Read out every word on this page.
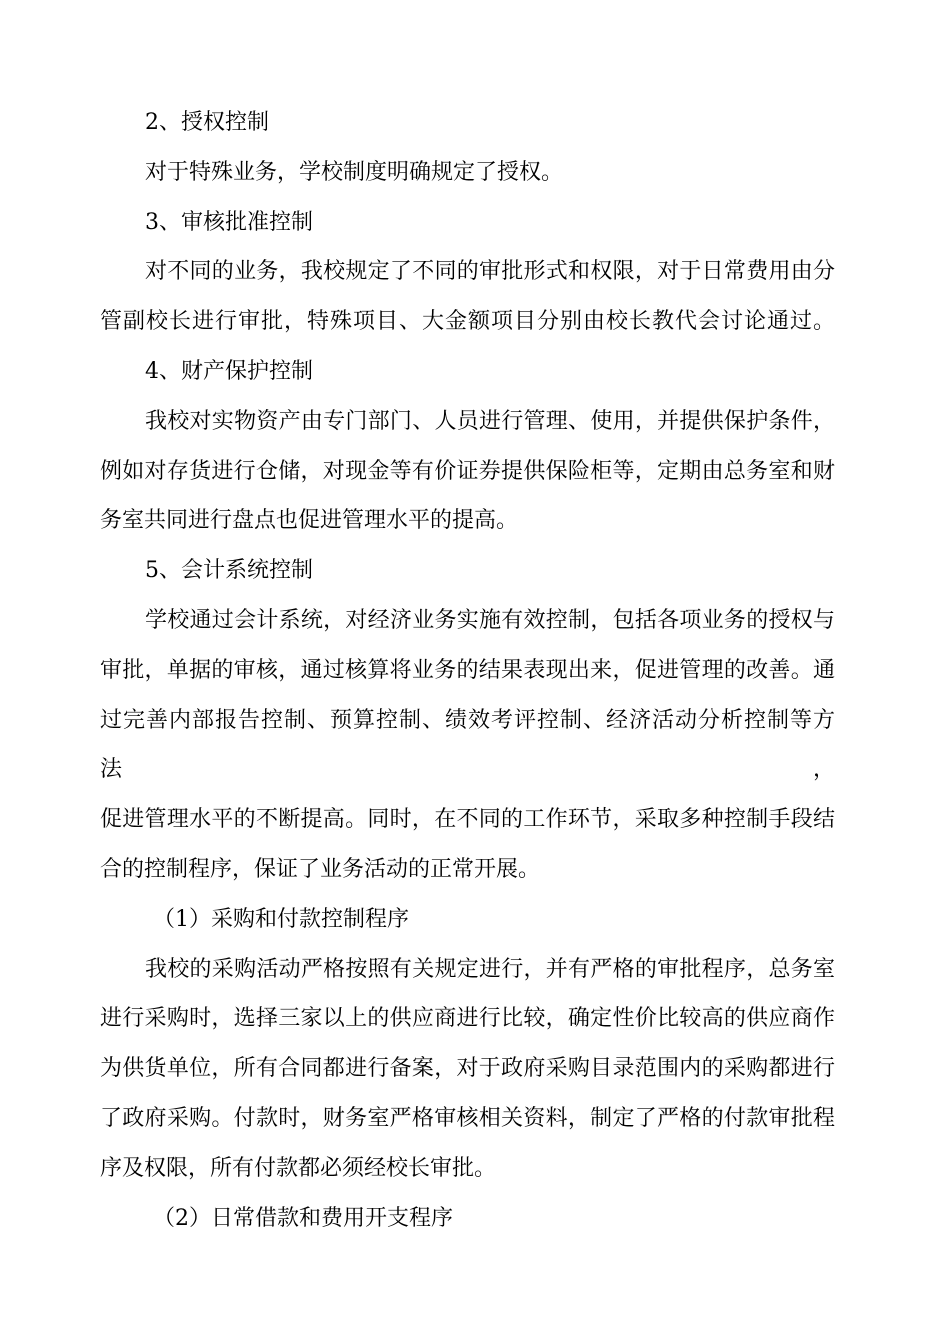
2、授权控制

对于特殊业务，学校制度明确规定了授权。

3、审核批准控制

对不同的业务，我校规定了不同的审批形式和权限，对于日常费用由分

管副校长进行审批，特殊项目、大金额项目分别由校长教代会讨论通过。

4、财产保护控制

我校对实物资产由专门部门、人员进行管理、使用，并提供保护条件，

例如对存货进行仓储，对现金等有价证券提供保险柜等，定期由总务室和财

务室共同进行盘点也促进管理水平的提高。

5、会计系统控制

学校通过会计系统，对经济业务实施有效控制，包括各项业务的授权与

审批，单据的审核，通过核算将业务的结果表现出来，促进管理的改善。通

过完善内部报告控制、预算控制、绩效考评控制、经济活动分析控制等方法，

促进管理水平的不断提高。同时，在不同的工作环节，采取多种控制手段结

合的控制程序，保证了业务活动的正常开展。

（1）采购和付款控制程序

我校的采购活动严格按照有关规定进行，并有严格的审批程序，总务室

进行采购时，选择三家以上的供应商进行比较，确定性价比较高的供应商作

为供货单位，所有合同都进行备案，对于政府采购目录范围内的采购都进行

了政府采购。付款时，财务室严格审核相关资料，制定了严格的付款审批程

序及权限，所有付款都必须经校长审批。

（2）日常借款和费用开支程序
